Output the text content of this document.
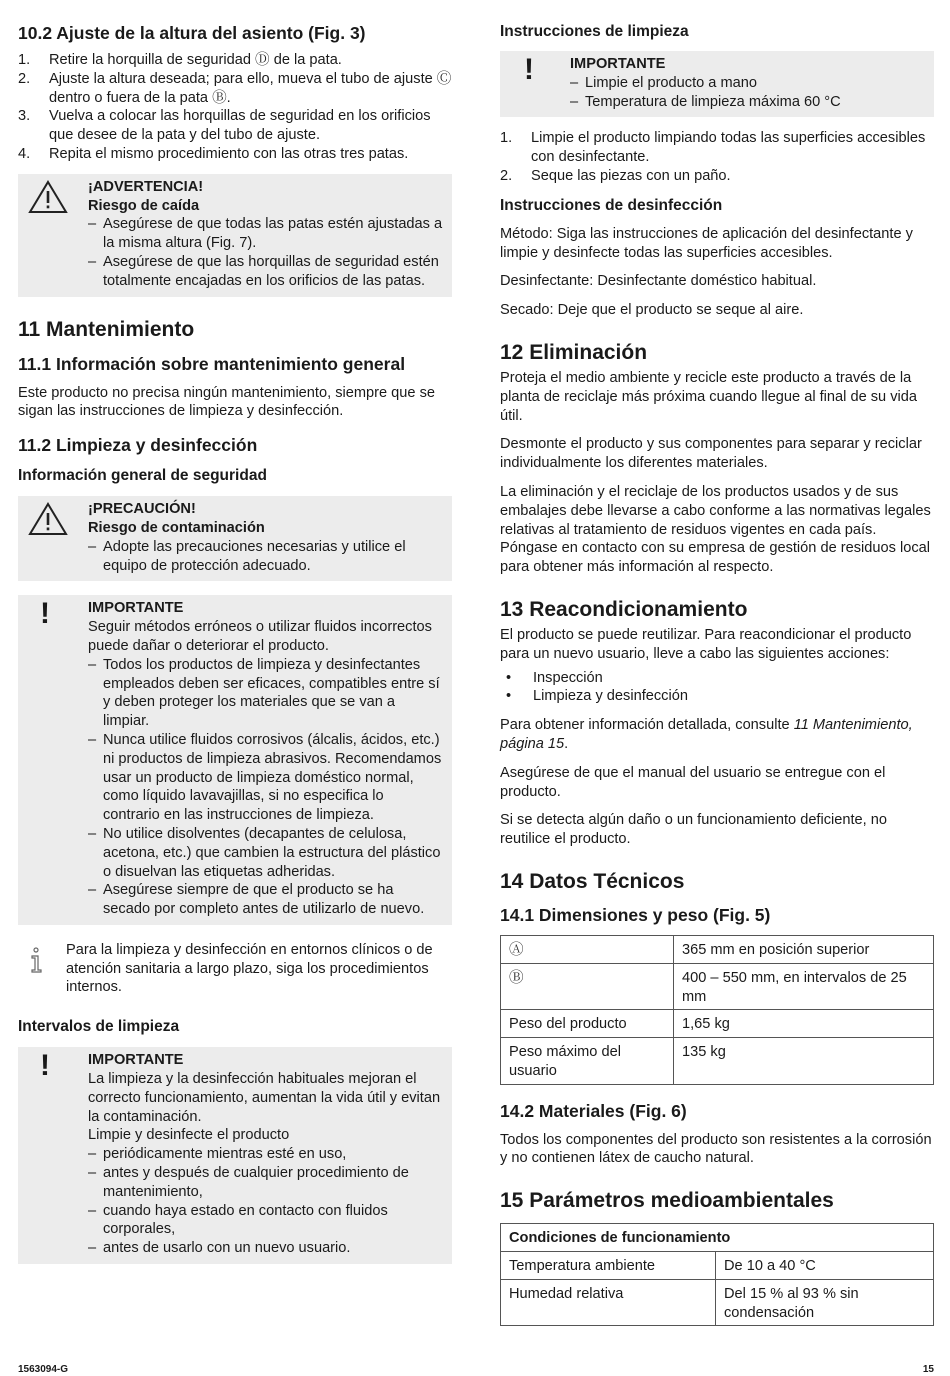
10.2 Ajuste de la altura del asiento (Fig. 3)
1. Retire la horquilla de seguridad Ⓓ de la pata.
2. Ajuste la altura deseada; para ello, mueva el tubo de ajuste Ⓒ dentro o fuera de la pata Ⓑ.
3. Vuelva a colocar las horquillas de seguridad en los orificios que desee de la pata y del tubo de ajuste.
4. Repita el mismo procedimiento con las otras tres patas.
¡ADVERTENCIA!
Riesgo de caída
– Asegúrese de que todas las patas estén ajustadas a la misma altura (Fig. 7).
– Asegúrese de que las horquillas de seguridad estén totalmente encajadas en los orificios de las patas.
11 Mantenimiento
11.1 Información sobre mantenimiento general

Este producto no precisa ningún mantenimiento, siempre que se sigan las instrucciones de limpieza y desinfección.

11.2 Limpieza y desinfección
Información general de seguridad
¡PRECAUCIÓN!
Riesgo de contaminación
– Adopte las precauciones necesarias y utilice el equipo de protección adecuado.
!	IMPORTANTE
Seguir métodos erróneos o utilizar fluidos incorrectos puede dañar o deteriorar el producto.
– Todos los productos de limpieza y desinfectantes empleados deben ser eficaces, compatibles entre sí y deben proteger los materiales que se van a limpiar.
– Nunca utilice fluidos corrosivos (álcalis, ácidos, etc.) ni productos de limpieza abrasivos. Recomendamos usar un producto de limpieza doméstico normal, como líquido lavavajillas, si no especifica lo contrario en las instrucciones de limpieza.
– No utilice disolventes (decapantes de celulosa, acetona, etc.) que cambien la estructura del plástico o disuelvan las etiquetas adheridas.
– Asegúrese siempre de que el producto se ha secado por completo antes de utilizarlo de nuevo.

Para la limpieza y desinfección en entornos clínicos o de atención sanitaria a largo plazo, siga los procedimientos internos.

Intervalos de limpieza
!	IMPORTANTE
La limpieza y la desinfección habituales mejoran el correcto funcionamiento, aumentan la vida útil y evitan la contaminación.
Limpie y desinfecte el producto
– periódicamente mientras esté en uso,
– antes y después de cualquier procedimiento de mantenimiento,
– cuando haya estado en contacto con fluidos corporales,
– antes de usarlo con un nuevo usuario.
Instrucciones de limpieza
! IMPORTANTE
– Limpie el producto a mano
– Temperatura de limpieza máxima 60 °C
1. Limpie el producto limpiando todas las superficies accesibles con desinfectante.
2. Seque las piezas con un paño.
Instrucciones de desinfección

Método: Siga las instrucciones de aplicación del desinfectante y limpie y desinfecte todas las superficies accesibles.

Desinfectante: Desinfectante doméstico habitual.

Secado: Deje que el producto se seque al aire.

12 Eliminación

Proteja el medio ambiente y recicle este producto a través de la planta de reciclaje más próxima cuando llegue al final de su vida útil.

Desmonte el producto y sus componentes para separar y reciclar individualmente los diferentes materiales.

La eliminación y el reciclaje de los productos usados y de sus embalajes debe llevarse a cabo conforme a las normativas legales relativas al tratamiento de residuos vigentes en cada país. Póngase en contacto con su empresa de gestión de residuos local para obtener más información al respecto.

13 Reacondicionamiento

El producto se puede reutilizar. Para reacondicionar el producto para un nuevo usuario, lleve a cabo las siguientes acciones:

• Inspección
• Limpieza y desinfección

Para obtener información detallada, consulte 11 Mantenimiento, página 15.

Asegúrese de que el manual del usuario se entregue con el producto.

Si se detecta algún daño o un funcionamiento deficiente, no reutilice el producto.

14 Datos Técnicos
14.1 Dimensiones y peso (Fig. 5)
Ⓐ	365 mm en posición superior
Ⓑ	400 – 550 mm, en intervalos de 25 mm
Peso del producto	1,65 kg
Peso máximo del usuario	135 kg
14.2 Materiales (Fig. 6)

Todos los componentes del producto son resistentes a la corrosión y no contienen látex de caucho natural.

15 Parámetros medioambientales
Condiciones de funcionamiento	
Temperatura ambiente	De 10 a 40 °C
Humedad relativa	Del 15 % al 93 % sin condensación
1563094-G	15
